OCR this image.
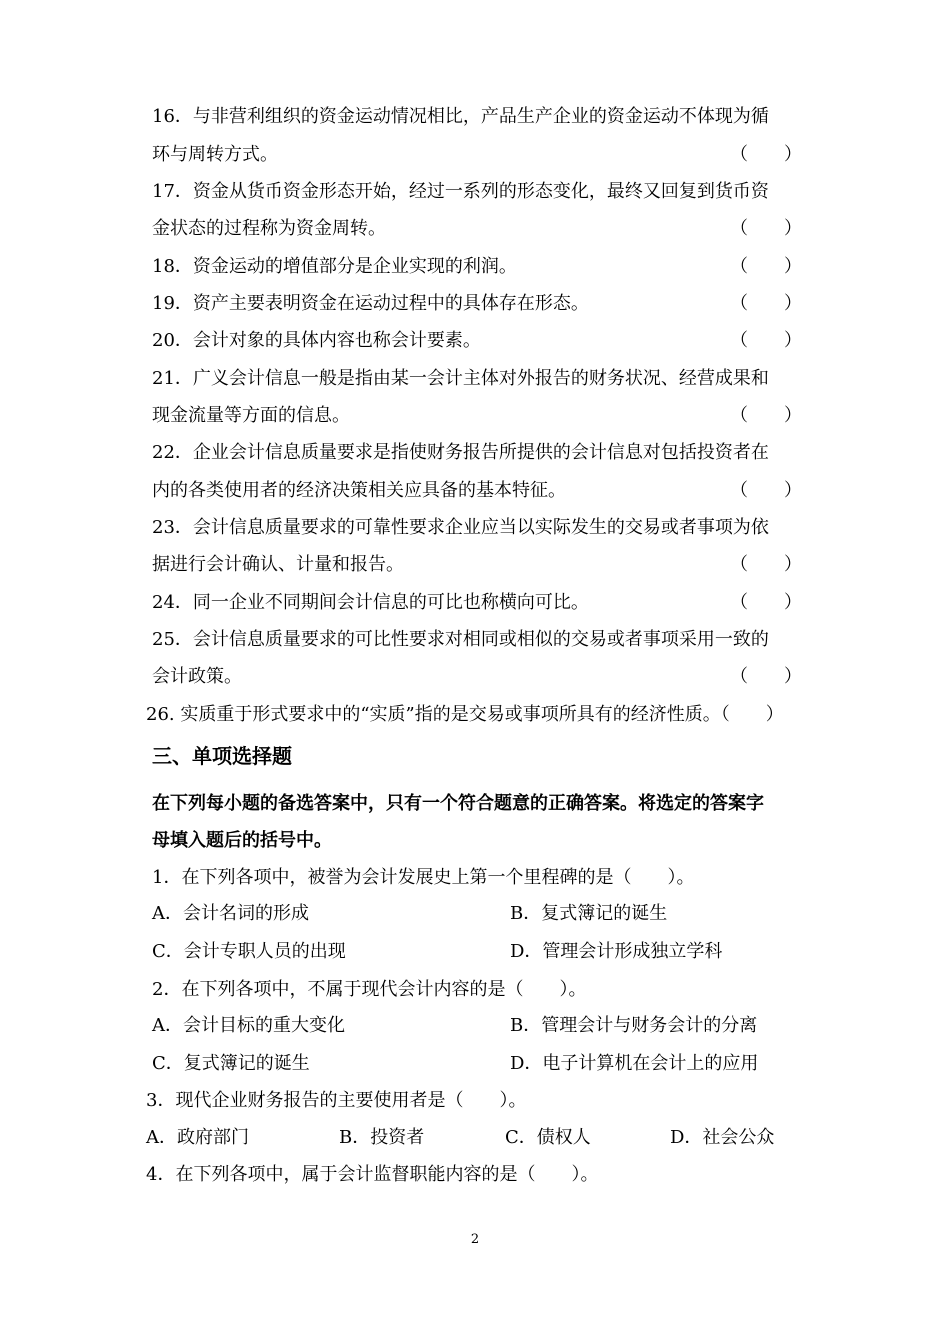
16．与非营利组织的资金运动情况相比，产品生产企业的资金运动不体现为循
环与周转方式。	（　　）
17．资金从货币资金形态开始，经过一系列的形态变化，最终又回复到货币资
金状态的过程称为资金周转。	（　　）
18．资金运动的增值部分是企业实现的利润。	（　　）
19．资产主要表明资金在运动过程中的具体存在形态。	（　　）
20．会计对象的具体内容也称会计要素。	（　　）
21．广义会计信息一般是指由某一会计主体对外报告的财务状况、经营成果和
现金流量等方面的信息。	（　　）
22．企业会计信息质量要求是指使财务报告所提供的会计信息对包括投资者在
内的各类使用者的经济决策相关应具备的基本特征。	（　　）
23．会计信息质量要求的可靠性要求企业应当以实际发生的交易或者事项为依
据进行会计确认、计量和报告。	（　　）
24．同一企业不同期间会计信息的可比也称横向可比。	（　　）
25．会计信息质量要求的可比性要求对相同或相似的交易或者事项采用一致的
会计政策。	（　　）
26. 实质重于形式要求中的“实质”指的是交易或事项所具有的经济性质。（　　）
三、单项选择题
在下列每小题的备选答案中，只有一个符合题意的正确答案。将选定的答案字
母填入题后的括号中。
1．在下列各项中，被誉为会计发展史上第一个里程碑的是（　　）。
A．会计名词的形成	B．复式簿记的诞生
C．会计专职人员的出现	D．管理会计形成独立学科
2．在下列各项中，不属于现代会计内容的是（　　）。
A．会计目标的重大变化	B．管理会计与财务会计的分离
C．复式簿记的诞生	D．电子计算机在会计上的应用
3．现代企业财务报告的主要使用者是（　　）。
A．政府部门	B．投资者	C．债权人	D．社会公众
4．在下列各项中，属于会计监督职能内容的是（　　）。
2
